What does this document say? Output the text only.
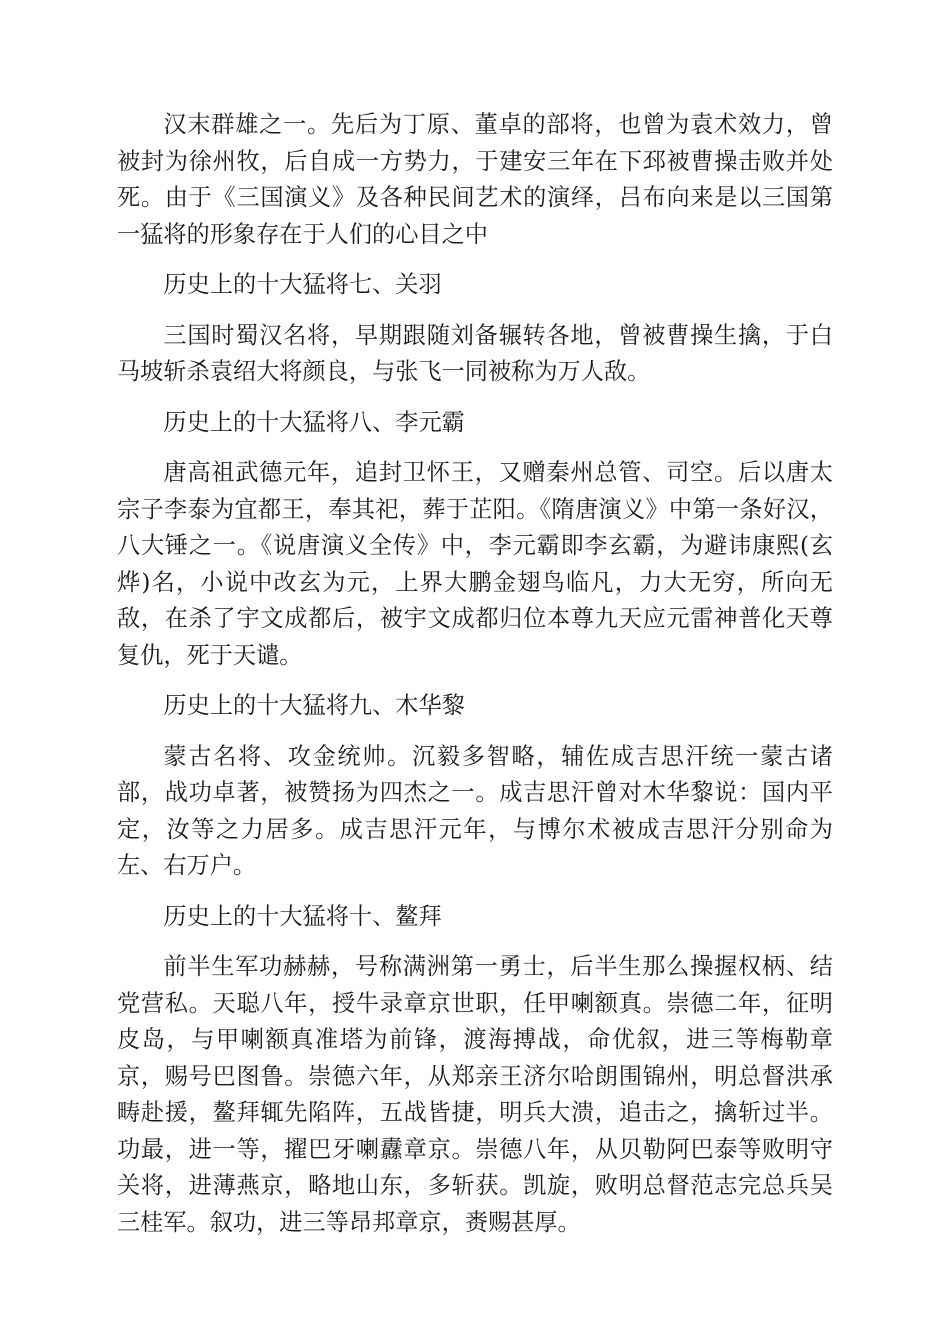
汉末群雄之一。先后为丁原、董卓的部将，也曾为袁术效力，曾被封为徐州牧，后自成一方势力，于建安三年在下邳被曹操击败并处死。由于《三国演义》及各种民间艺术的演绎，吕布向来是以三国第一猛将的形象存在于人们的心目之中

历史上的十大猛将七、关羽

三国时蜀汉名将，早期跟随刘备辗转各地，曾被曹操生擒，于白马坡斩杀袁绍大将颜良，与张飞一同被称为万人敌。

历史上的十大猛将八、李元霸

唐高祖武德元年，追封卫怀王，又赠秦州总管、司空。后以唐太宗子李泰为宜都王，奉其祀，葬于芷阳。《隋唐演义》中第一条好汉，八大锤之一。《说唐演义全传》中，李元霸即李玄霸，为避讳康熙(玄烨)名，小说中改玄为元，上界大鹏金翅鸟临凡，力大无穷，所向无敌，在杀了宇文成都后，被宇文成都归位本尊九天应元雷神普化天尊复仇，死于天谴。

历史上的十大猛将九、木华黎

蒙古名将、攻金统帅。沉毅多智略，辅佐成吉思汗统一蒙古诸部，战功卓著，被赞扬为四杰之一。成吉思汗曾对木华黎说：国内平定，汝等之力居多。成吉思汗元年，与博尔术被成吉思汗分别命为左、右万户。

历史上的十大猛将十、鳌拜

前半生军功赫赫，号称满洲第一勇士，后半生那么操握权柄、结党营私。天聪八年，授牛录章京世职，任甲喇额真。崇德二年，征明皮岛，与甲喇额真准塔为前锋，渡海搏战，命优叙，进三等梅勒章京，赐号巴图鲁。崇德六年，从郑亲王济尔哈朗围锦州，明总督洪承畴赴援，鳌拜辄先陷阵，五战皆捷，明兵大溃，追击之，擒斩过半。功最，进一等，擢巴牙喇纛章京。崇德八年，从贝勒阿巴泰等败明守关将，进薄燕京，略地山东，多斩获。凯旋，败明总督范志完总兵吴三桂军。叙功，进三等昂邦章京，赉赐甚厚。
